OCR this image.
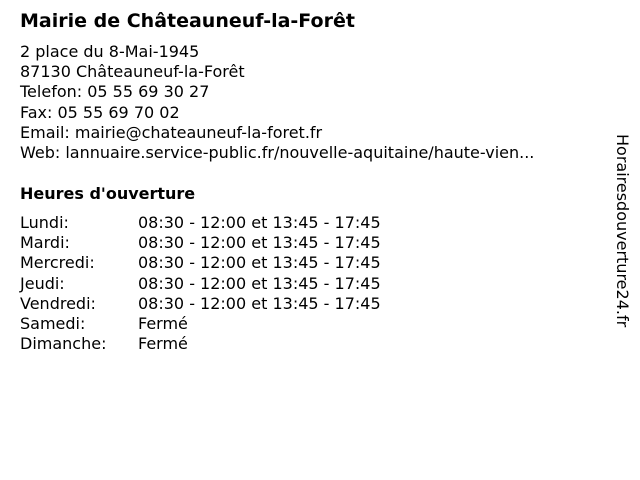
Mairie de Châteauneuf-la-Forêt
2 place du 8-Mai-1945
87130 Châteauneuf-la-Forêt
Telefon: 05 55 69 30 27
Fax: 05 55 69 70 02
Email: mairie@chateauneuf-la-foret.fr
Web: lannuaire.service-public.fr/nouvelle-aquitaine/haute-vien...
Heures d'ouverture
Lundi:	08:30 - 12:00 et 13:45 - 17:45
Mardi:	08:30 - 12:00 et 13:45 - 17:45
Mercredi:	08:30 - 12:00 et 13:45 - 17:45
Jeudi:	08:30 - 12:00 et 13:45 - 17:45
Vendredi:	08:30 - 12:00 et 13:45 - 17:45
Samedi:	Fermé
Dimanche: Fermé
Horairesdouverture24.fr
